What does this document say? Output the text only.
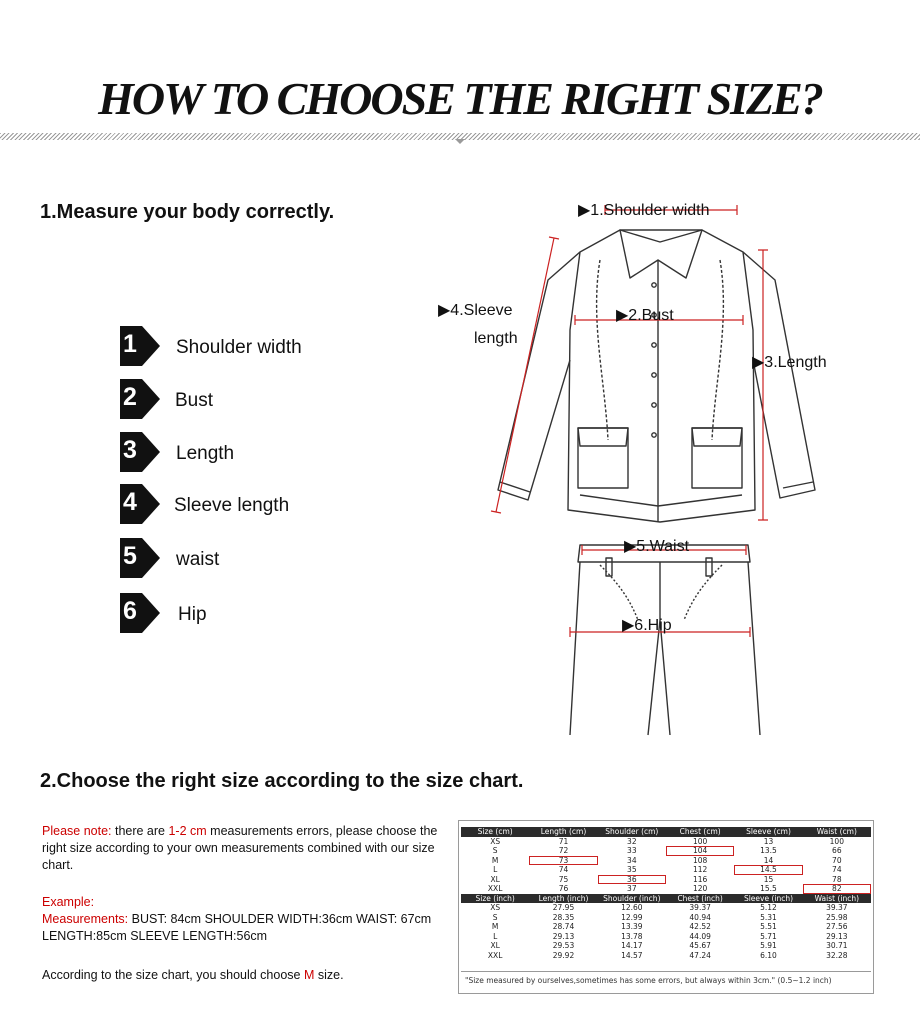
HOW TO CHOOSE THE RIGHT SIZE?
1.Measure your body correctly.
1 Shoulder width
2 Bust
3 Length
4 Sleeve length
5 waist
6 Hip
▶1.Shoulder width
▶2.Bust
▶3.Length
▶4.Sleeve
length
▶5.Waist
▶6.Hip
2.Choose the right size according to the size chart.

Please note: there are 1-2 cm measurements errors, please choose the right size according to your own measurements combined with our size chart.

Example:

Measurements: BUST: 84cm SHOULDER WIDTH:36cm WAIST: 67cm LENGTH:85cm SLEEVE LENGTH:56cm

According to the size chart, you should choose M size.

Size (cm)	Length (cm)	Shoulder (cm)	Chest (cm)	Sleeve (cm)	Waist (cm)
XS	71	32	100	13	100
S	72	33	104	13.5	66
M	73	34	108	14	70
L	74	35	112	14.5	74
XL	75	36	116	15	78
XXL	76	37	120	15.5	82
Size (inch)	Length (inch)	Shoulder (inch)	Chest (inch)	Sleeve (inch)	Waist (inch)
XS	27.95	12.60	39.37	5.12	39.37
S	28.35	12.99	40.94	5.31	25.98
M	28.74	13.39	42.52	5.51	27.56
L	29.13	13.78	44.09	5.71	29.13
XL	29.53	14.17	45.67	5.91	30.71
XXL	29.92	14.57	47.24	6.10	32.28
"Size measured by ourselves,sometimes has some errors, but always within 3cm." (0.5~1.2 inch)
